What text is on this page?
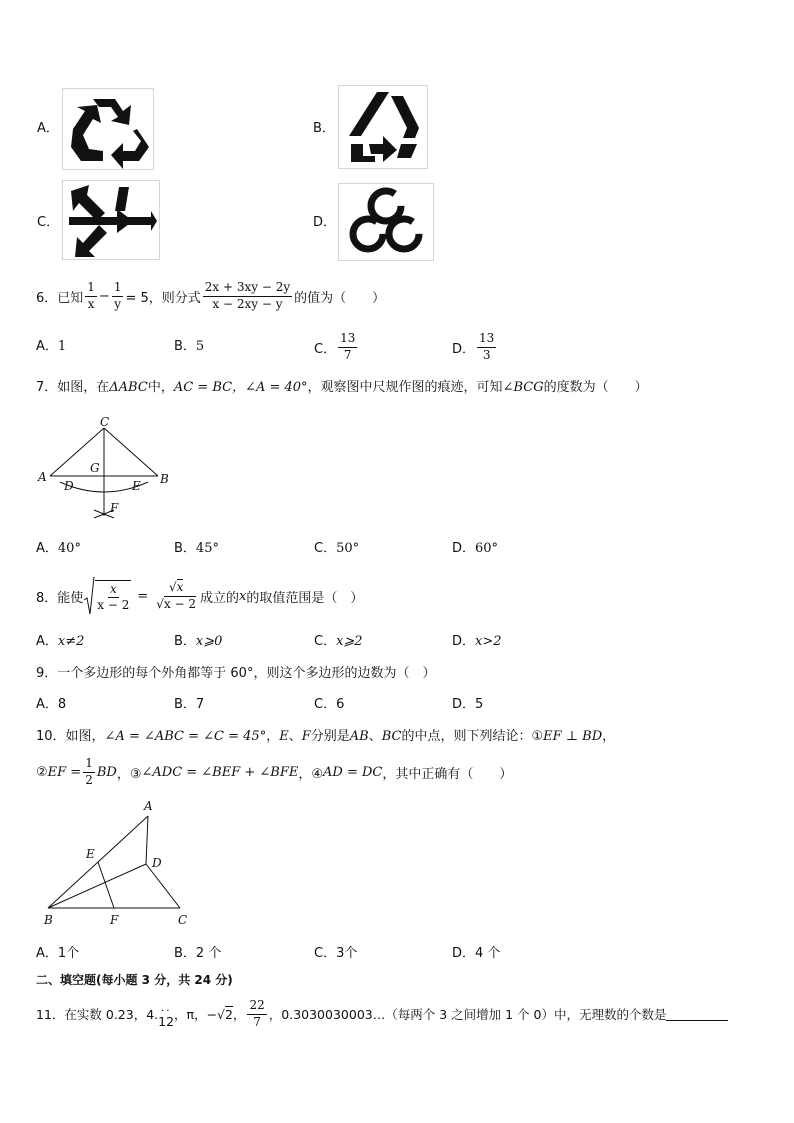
A．	B．
C．	D．
6．已知 $\frac{1}{x} - \frac{1}{y} = 5$，则分式 $\frac{2x + 3xy - 2y}{x - 2xy - y}$ 的值为（　　）
A．1	B．5	C． $\frac{13}{7}$	D． $\frac{13}{3}$
7．如图，在ΔABC中，AC = BC，∠A = 40°，观察图中尺规作图的痕迹，可知∠BCG的度数为（　　）
C
A	B
G
D	E
F
A．40°	B．45°	C．50°	D．60°
8．能使 $\frac{x}{x - 2} = \frac{√x}{√x - 2}$ 成立的 x 的取值范围是（　）
A．x≠2	B．x⩾0	C．x⩾2	D．x>2
9．一个多边形的每个外角都等于 60°，则这个多边形的边数为（　）
A．8	B．7	C．6	D．5
10．如图，∠A = ∠ABC = ∠C = 45°，E、F分别是AB、BC的中点，则下列结论：①EF ⊥ BD，
② EF = $\frac{1}{2}$ BD ，③ ∠ADC = ∠BEF + ∠BFE ，④ AD = DC ，其中正确有（　　）
A
E
D
B	F	C
A．1个	B．2 个	C．3个	D．4 个
二、填空题(每小题 3 分，共 24 分)
11．在实数 0.23，4. ··
12 ，π，− √ 2 ， $\frac{22}{7}$ ，0.3030030003…（每两个 3 之间增加 1 个 0）中，无理数的个数是
